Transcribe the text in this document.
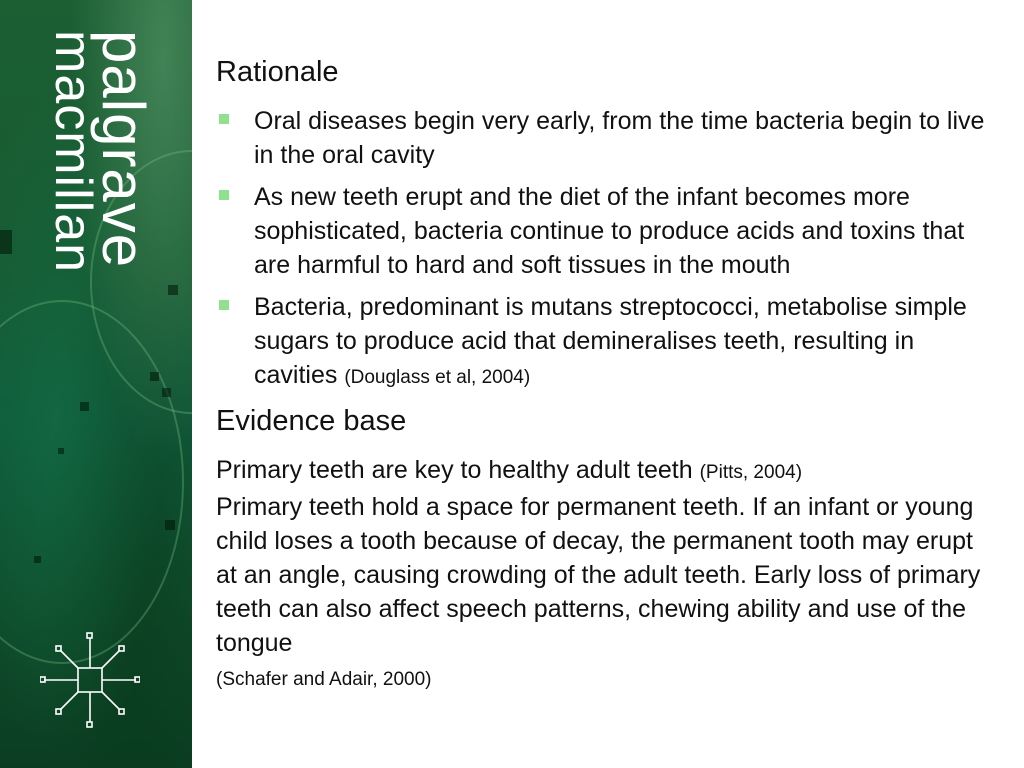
palgrave
macmillan	Rationale
Oral diseases begin very early, from the time bacteria begin to live in the oral cavity
As new teeth erupt and the diet of the infant becomes more sophisticated, bacteria continue to produce acids and toxins that are harmful to hard and soft tissues in the mouth
Bacteria, predominant is mutans streptococci, metabolise simple sugars to produce acid that demineralises teeth, resulting in cavities (Douglass et al, 2004)
Evidence base

Primary teeth are key to healthy adult teeth (Pitts, 2004)
Primary teeth hold a space for permanent teeth. If an infant or young child loses a tooth because of decay, the permanent tooth may erupt at an angle, causing crowding of the adult teeth. Early loss of primary teeth can also affect speech patterns, chewing ability and use of the tongue
(Schafer and Adair, 2000)
